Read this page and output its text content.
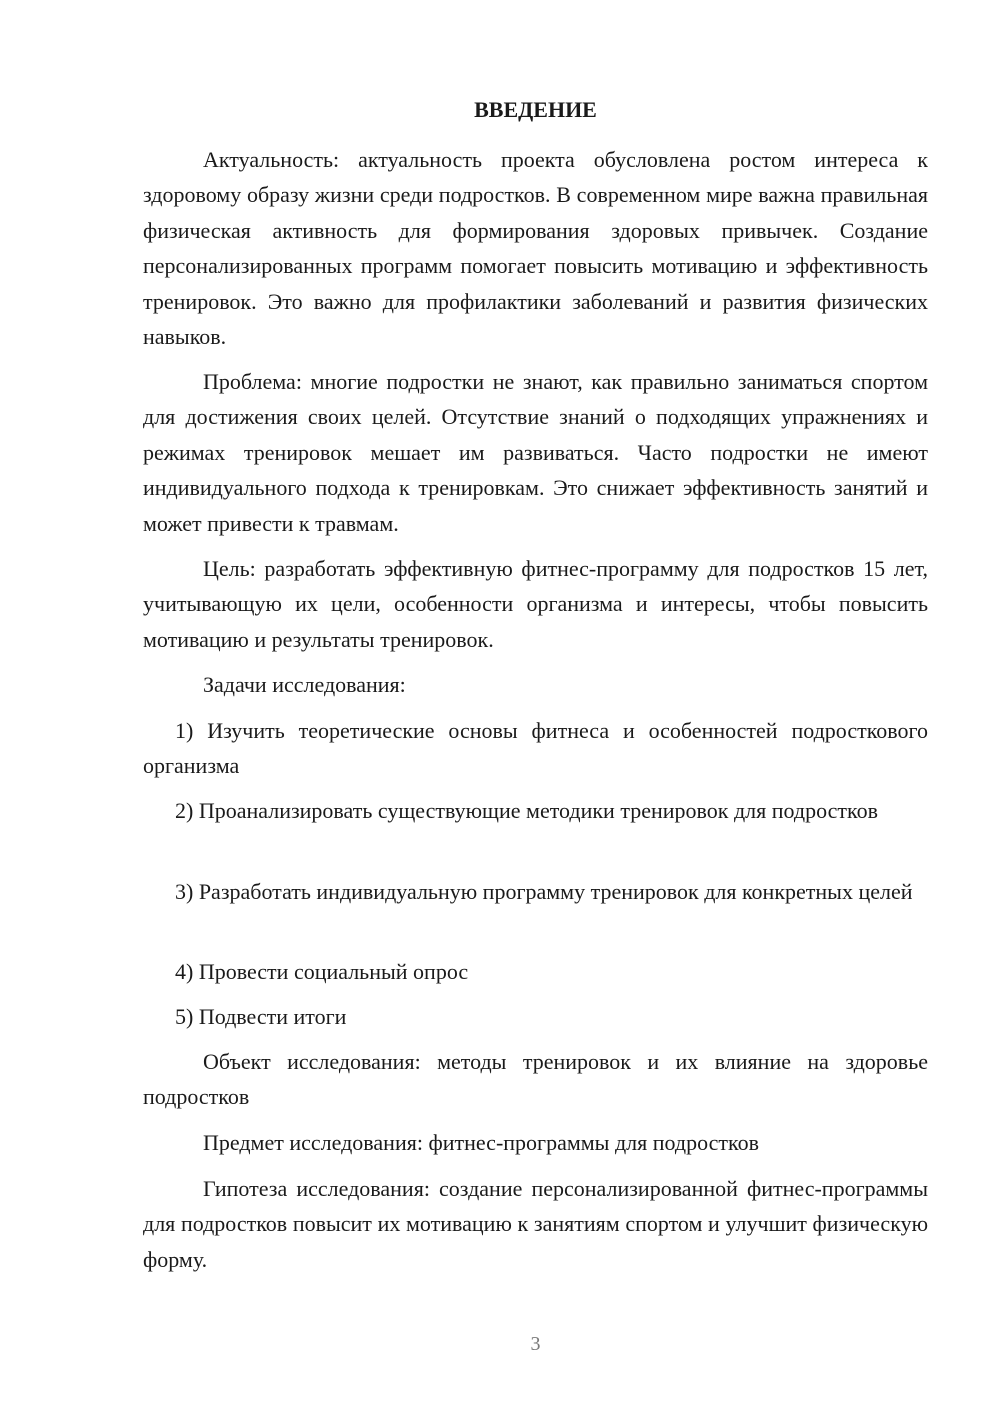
ВВЕДЕНИЕ

Актуальность: актуальность проекта обусловлена ростом интереса к здоровому образу жизни среди подростков. В современном мире важна правильная физическая активность для формирования здоровых привычек. Создание персонализированных программ помогает повысить мотивацию и эффективность тренировок. Это важно для профилактики заболеваний и развития физических навыков.

Проблема: многие подростки не знают, как правильно заниматься спортом для достижения своих целей. Отсутствие знаний о подходящих упражнениях и режимах тренировок мешает им развиваться. Часто подростки не имеют индивидуального подхода к тренировкам. Это снижает эффективность занятий и может привести к травмам.

Цель: разработать эффективную фитнес-программу для подростков 15 лет, учитывающую их цели, особенности организма и интересы, чтобы повысить мотивацию и результаты тренировок.

Задачи исследования:

1) Изучить теоретические основы фитнеса и особенностей подросткового организма

2) Проанализировать существующие методики тренировок для подростков

3) Разработать индивидуальную программу тренировок для конкретных целей

4) Провести социальный опрос

5) Подвести итоги

Объект исследования: методы тренировок и их влияние на здоровье подростков

Предмет исследования: фитнес-программы для подростков

Гипотеза исследования: создание персонализированной фитнес-программы для подростков повысит их мотивацию к занятиям спортом и улучшит физическую форму.

3
